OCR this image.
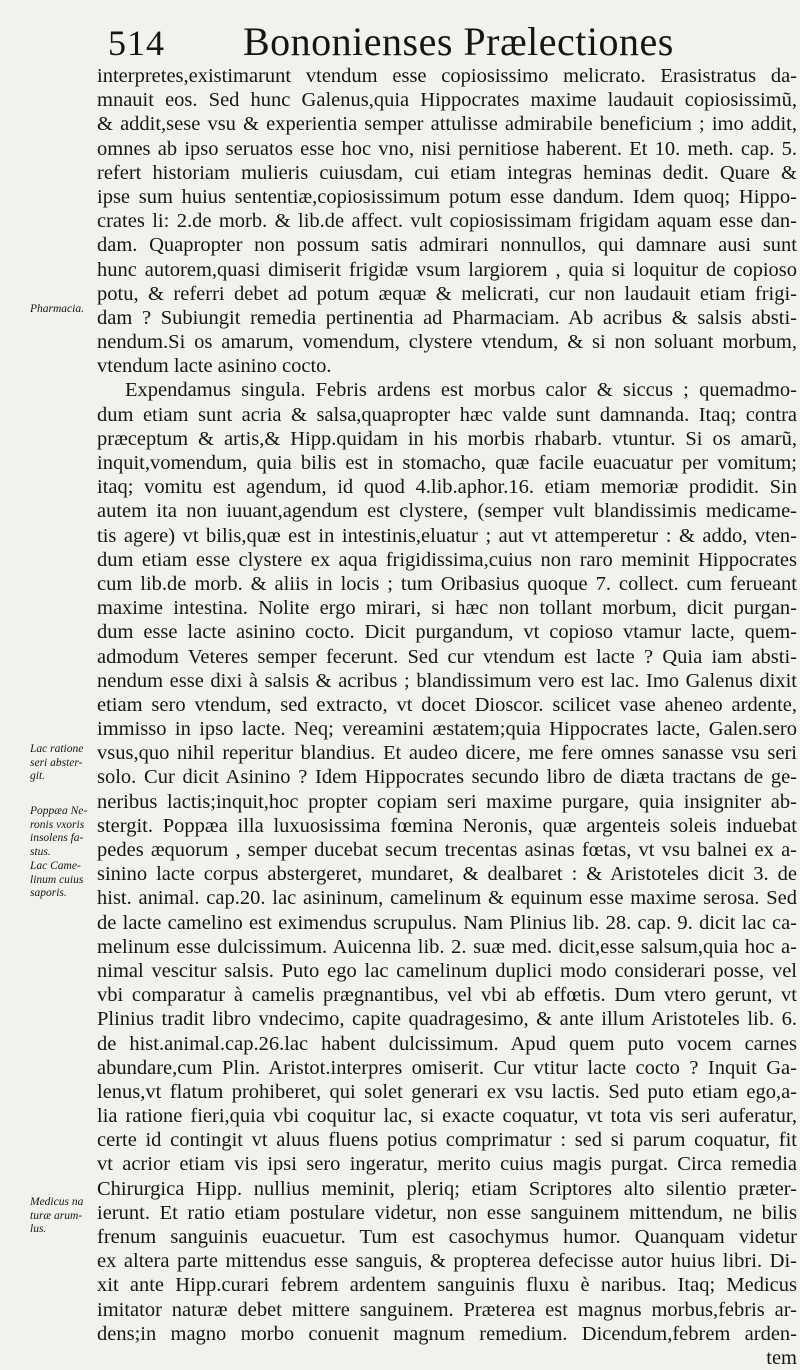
514 Bononienses Prælectiones
interpretes,existimarunt vtendum esse copiosissimo melicrato. Erasistratus da-
mnauit eos. Sed hunc Galenus,quia Hippocrates maxime laudauit copiosissimũ,
& addit,sese vsu & experientia semper attulisse admirabile beneficium ; imo addit,
omnes ab ipso seruatos esse hoc vno, nisi pernitiose haberent. Et 10. meth. cap. 5.
refert historiam mulieris cuiusdam, cui etiam integras heminas dedit. Quare &
ipse sum huius sententiæ,copiosissimum potum esse dandum. Idem quoq; Hippo-
crates li: 2.de morb. & lib.de affect. vult copiosissimam frigidam aquam esse dan-
dam. Quapropter non possum satis admirari nonnullos, qui damnare ausi sunt
hunc autorem,quasi dimiserit frigidæ vsum largiorem , quia si loquitur de copioso
potu, & referri debet ad potum æquæ & melicrati, cur non laudauit etiam frigi-
dam ? Subiungit remedia pertinentia ad Pharmaciam. Ab acribus & salsis absti-
nendum.Si os amarum, vomendum, clystere vtendum, & si non soluant morbum,
vtendum lacte asinino cocto.
Expendamus singula. Febris ardens est morbus calor & siccus ; quemadmo-
dum etiam sunt acria & salsa,quapropter hæc valde sunt damnanda. Itaq; contra
præceptum & artis,& Hipp.quidam in his morbis rhabarb. vtuntur. Si os amarũ,
inquit,vomendum, quia bilis est in stomacho, quæ facile euacuatur per vomitum;
itaq; vomitu est agendum, id quod 4.lib.aphor.16. etiam memoriæ prodidit. Sin
autem ita non iuuant,agendum est clystere, (semper vult blandissimis medicame-
tis agere) vt bilis,quæ est in intestinis,eluatur ; aut vt attemperetur : & addo, vten-
dum etiam esse clystere ex aqua frigidissima,cuius non raro meminit Hippocrates
cum lib.de morb. & aliis in locis ; tum Oribasius quoque 7. collect. cum ferueant
maxime intestina. Nolite ergo mirari, si hæc non tollant morbum, dicit purgan-
dum esse lacte asinino cocto. Dicit purgandum, vt copioso vtamur lacte, quem-
admodum Veteres semper fecerunt. Sed cur vtendum est lacte ? Quia iam absti-
nendum esse dixi à salsis & acribus ; blandissimum vero est lac. Imo Galenus dixit
etiam sero vtendum, sed extracto, vt docet Dioscor. scilicet vase aheneo ardente,
immisso in ipso lacte. Neq; vereamini æstatem;quia Hippocrates lacte, Galen.sero
vsus,quo nihil reperitur blandius. Et audeo dicere, me fere omnes sanasse vsu seri
solo. Cur dicit Asinino ? Idem Hippocrates secundo libro de diæta tractans de ge-
neribus lactis;inquit,hoc propter copiam seri maxime purgare, quia insigniter ab-
stergit. Poppæa illa luxuosissima fœmina Neronis, quæ argenteis soleis induebat
pedes æquorum , semper ducebat secum trecentas asinas fœtas, vt vsu balnei ex a-
sinino lacte corpus abstergeret, mundaret, & dealbaret : & Aristoteles dicit 3. de
hist. animal. cap.20. lac asininum, camelinum & equinum esse maxime serosa. Sed
de lacte camelino est eximendus scrupulus. Nam Plinius lib. 28. cap. 9. dicit lac ca-
melinum esse dulcissimum. Auicenna lib. 2. suæ med. dicit,esse salsum,quia hoc a-
nimal vescitur salsis. Puto ego lac camelinum duplici modo considerari posse, vel
vbi comparatur à camelis prægnantibus, vel vbi ab effœtis. Dum vtero gerunt, vt
Plinius tradit libro vndecimo, capite quadragesimo, & ante illum Aristoteles lib. 6.
de hist.animal.cap.26.lac habent dulcissimum. Apud quem puto vocem carnes
abundare,cum Plin. Aristot.interpres omiserit. Cur vtitur lacte cocto ? Inquit Ga-
lenus,vt flatum prohiberet, qui solet generari ex vsu lactis. Sed puto etiam ego,a-
lia ratione fieri,quia vbi coquitur lac, si exacte coquatur, vt tota vis seri auferatur,
certe id contingit vt aluus fluens potius comprimatur : sed si parum coquatur, fit
vt acrior etiam vis ipsi sero ingeratur, merito cuius magis purgat. Circa remedia
Chirurgica Hipp. nullius meminit, pleriq; etiam Scriptores alto silentio præter-
ierunt. Et ratio etiam postulare videtur, non esse sanguinem mittendum, ne bilis
frenum sanguinis euacuetur. Tum est casochymus humor. Quanquam videtur
ex altera parte mittendus esse sanguis, & propterea defecisse autor huius libri. Di-
xit ante Hipp.curari febrem ardentem sanguinis fluxu è naribus. Itaq; Medicus
imitator naturæ debet mittere sanguinem. Præterea est magnus morbus,febris ar-
dens;in magno morbo conuenit magnum remedium. Dicendum,febrem arden-
tem
Pharmacia.
Lac ratione
seri abster-
git.
Poppæa Ne-
ronis vxoris
insolens fa-
stus.
Lac Came-
linum cuius
saporis.
Medicus na
turæ arum-
lus.
